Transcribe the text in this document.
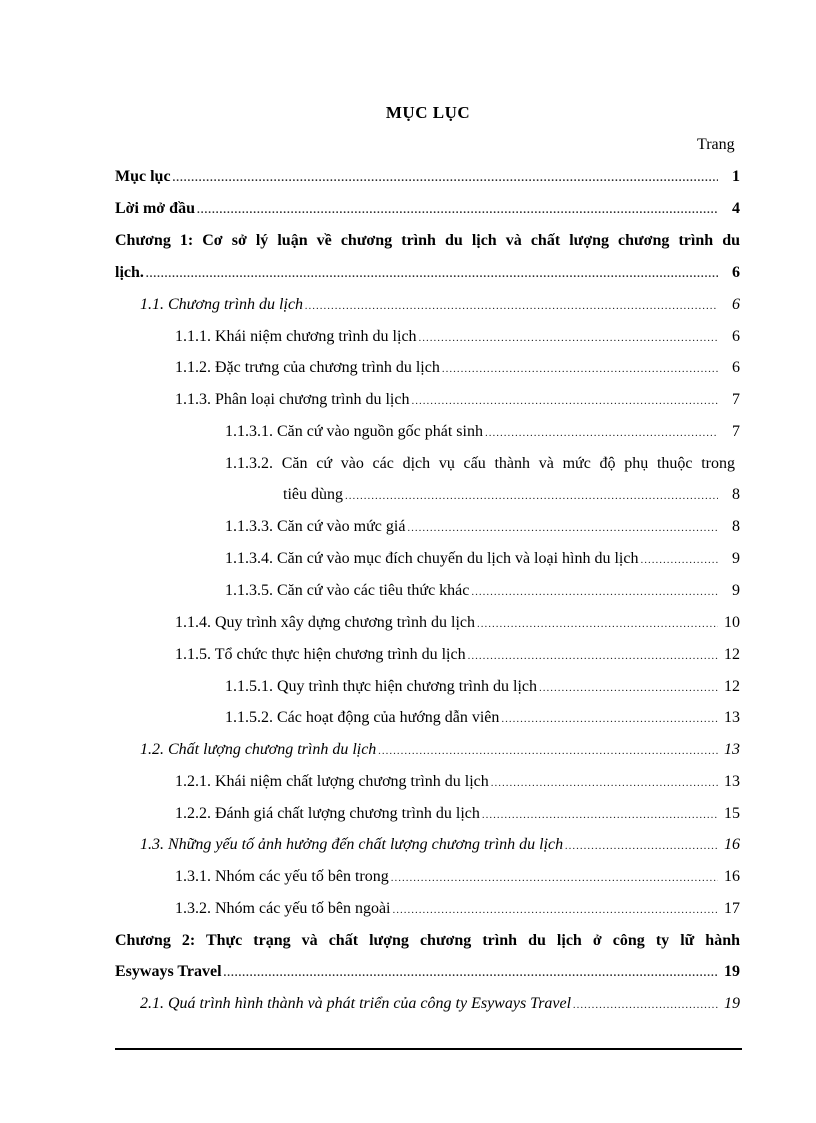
MỤC LỤC
Trang
Mục lục .....	1
Lời mở đầu .....	4
Chương 1: Cơ sở lý luận về chương trình du lịch và chất lượng chương trình du
lịch. .....	6
1.1. Chương trình du lịch .....	6
1.1.1. Khái niệm chương trình du lịch .....	6
1.1.2. Đặc trưng của chương trình du lịch .....	6
1.1.3. Phân loại chương trình du lịch .....	7
1.1.3.1. Căn cứ vào nguồn gốc phát sinh .....	7
1.1.3.2. Căn cứ vào các dịch vụ cấu thành và mức độ phụ thuộc trong
tiêu dùng .....	8
1.1.3.3. Căn cứ vào mức giá .....	8
1.1.3.4. Căn cứ vào mục đích chuyến du lịch và loại hình du lịch .....	9
1.1.3.5. Căn cứ vào các tiêu thức khác .....	9
1.1.4. Quy trình xây dựng chương trình du lịch .....	10
1.1.5. Tổ chức thực hiện chương trình du lịch .....	12
1.1.5.1. Quy trình thực hiện chương trình du lịch .....	12
1.1.5.2. Các hoạt động của hướng dẫn viên .....	13
1.2. Chất lượng chương trình du lịch .....	13
1.2.1. Khái niệm chất lượng chương trình du lịch .....	13
1.2.2. Đánh giá chất lượng chương trình du lịch .....	15
1.3. Những yếu tố ảnh hưởng đến chất lượng chương trình du lịch .....	16
1.3.1. Nhóm các yếu tố bên trong .....	16
1.3.2. Nhóm các yếu tố bên ngoài .....	17
Chương 2: Thực trạng và chất lượng chương trình du lịch ở công ty lữ hành
Esyways Travel .....	19
2.1. Quá trình hình thành và phát triển của công ty Esyways Travel .....	19
